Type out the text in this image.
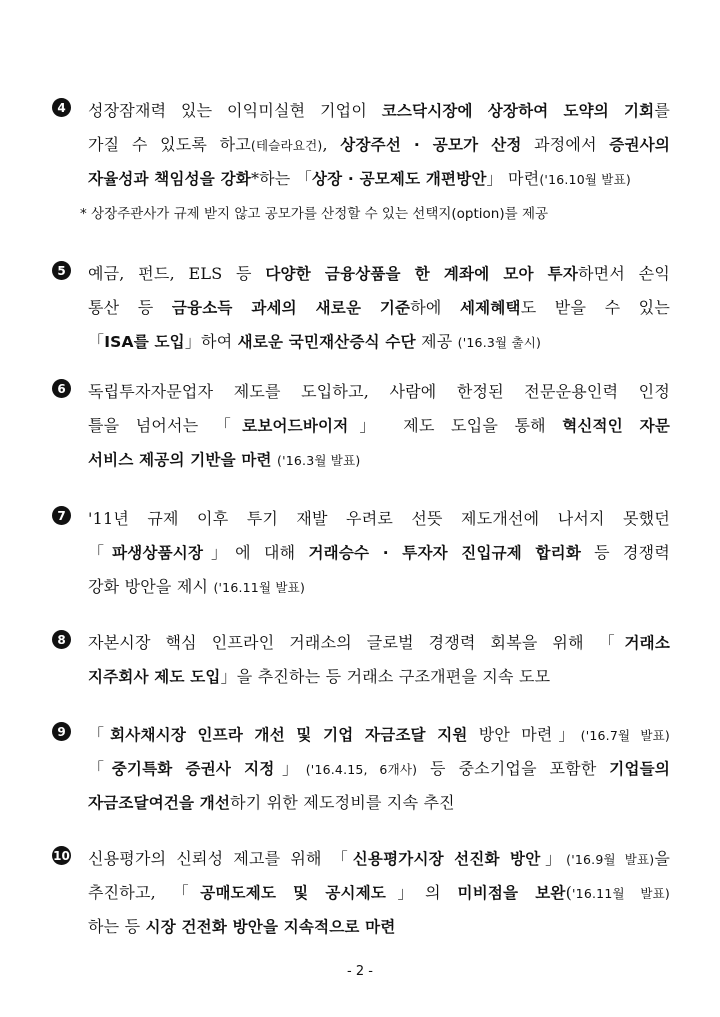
4	성장잠재력 있는 이익미실현 기업이 코스닥시장에 상장하여 도약의 기회를
가질 수 있도록 하고(테슬라요건), 상장주선 · 공모가 산정 과정에서 증권사의
자율성과 책임성을 강화*하는 「상장 · 공모제도 개편방안」 마련('16.10월 발표)
* 상장주관사가 규제 받지 않고 공모가를 산정할 수 있는 선택지(option)를 제공
5	예금, 펀드, ELS 등 다양한 금융상품을 한 계좌에 모아 투자하면서 손익
통산 등 금융소득 과세의 새로운 기준하에 세제혜택도 받을 수 있는
「ISA를 도입」하여 새로운 국민재산증식 수단 제공 ('16.3월 출시)
6	독립투자자문업자 제도를 도입하고, 사람에 한정된 전문운용인력 인정
틀을 넘어서는 「로보어드바이저」 제도 도입을 통해 혁신적인 자문
서비스 제공의 기반을 마련 ('16.3월 발표)
7	'11년 규제 이후 투기 재발 우려로 선뜻 제도개선에 나서지 못했던
「파생상품시장」에 대해 거래승수 · 투자자 진입규제 합리화 등 경쟁력
강화 방안을 제시 ('16.11월 발표)
8	자본시장 핵심 인프라인 거래소의 글로벌 경쟁력 회복을 위해 「거래소
지주회사 제도 도입」을 추진하는 등 거래소 구조개편을 지속 도모
9	「회사채시장 인프라 개선 및 기업 자금조달 지원 방안 마련」('16.7월 발표)
「중기특화 증권사 지정」('16.4.15, 6개사) 등 중소기업을 포함한 기업들의
자금조달여건을 개선하기 위한 제도정비를 지속 추진
10 신용평가의 신뢰성 제고를 위해 「신용평가시장 선진화 방안」('16.9월 발표)을
추진하고, 「공매도제도 및 공시제도」의 미비점을 보완('16.11월 발표)
하는 등 시장 건전화 방안을 지속적으로 마련
- 2 -
